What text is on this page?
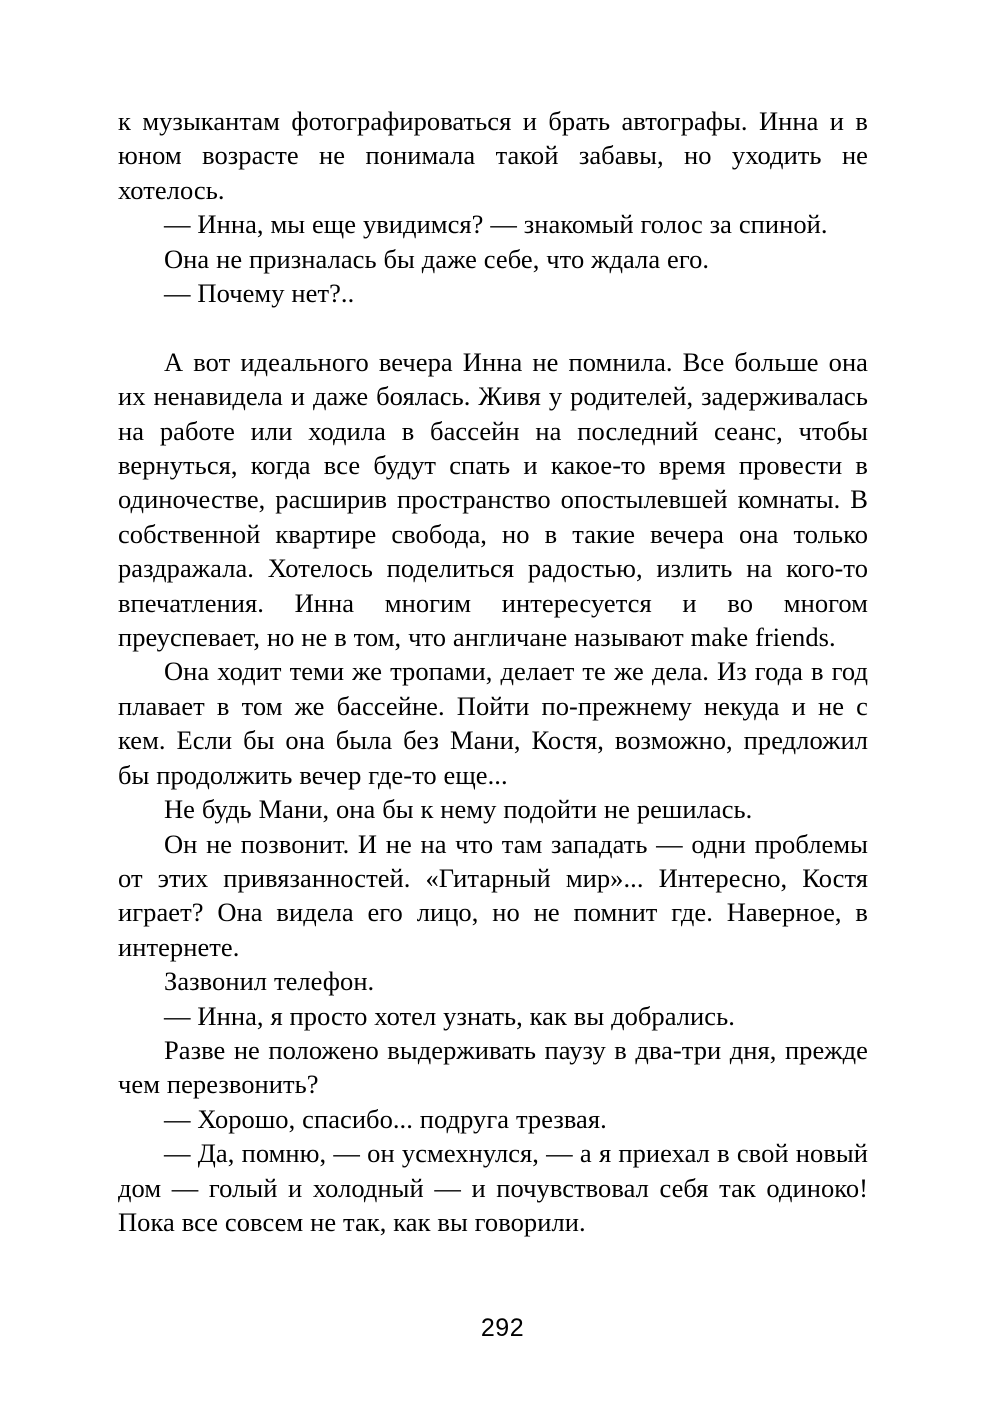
к музыкантам фотографироваться и брать автографы. Инна и в юном возрасте не понимала такой забавы, но уходить не хотелось.

— Инна, мы еще увидимся? — знакомый голос за спиной.

Она не призналась бы даже себе, что ждала его.

— Почему нет?..

А вот идеального вечера Инна не помнила. Все больше она их ненавидела и даже боялась. Живя у родителей, задерживалась на работе или ходила в бассейн на последний сеанс, чтобы вернуться, когда все будут спать и какое-то время провести в одиночестве, расширив пространство опостылевшей комнаты. В собственной квартире свобода, но в такие вечера она только раздражала. Хотелось поделиться радостью, излить на кого-то впечатления. Инна многим интересуется и во многом преуспевает, но не в том, что англичане называют make friends.

Она ходит теми же тропами, делает те же дела. Из года в год плавает в том же бассейне. Пойти по-прежнему некуда и не с кем. Если бы она была без Мани, Костя, возможно, предложил бы продолжить вечер где-то еще...

Не будь Мани, она бы к нему подойти не решилась.

Он не позвонит. И не на что там западать — одни проблемы от этих привязанностей. «Гитарный мир»... Интересно, Костя играет? Она видела его лицо, но не помнит где. Наверное, в интернете.

Зазвонил телефон.

— Инна, я просто хотел узнать, как вы добрались.

Разве не положено выдерживать паузу в два-три дня, прежде чем перезвонить?

— Хорошо, спасибо... подруга трезвая.

— Да, помню, — он усмехнулся, — а я приехал в свой новый дом — голый и холодный — и почувствовал себя так одиноко! Пока все совсем не так, как вы говорили.

292
